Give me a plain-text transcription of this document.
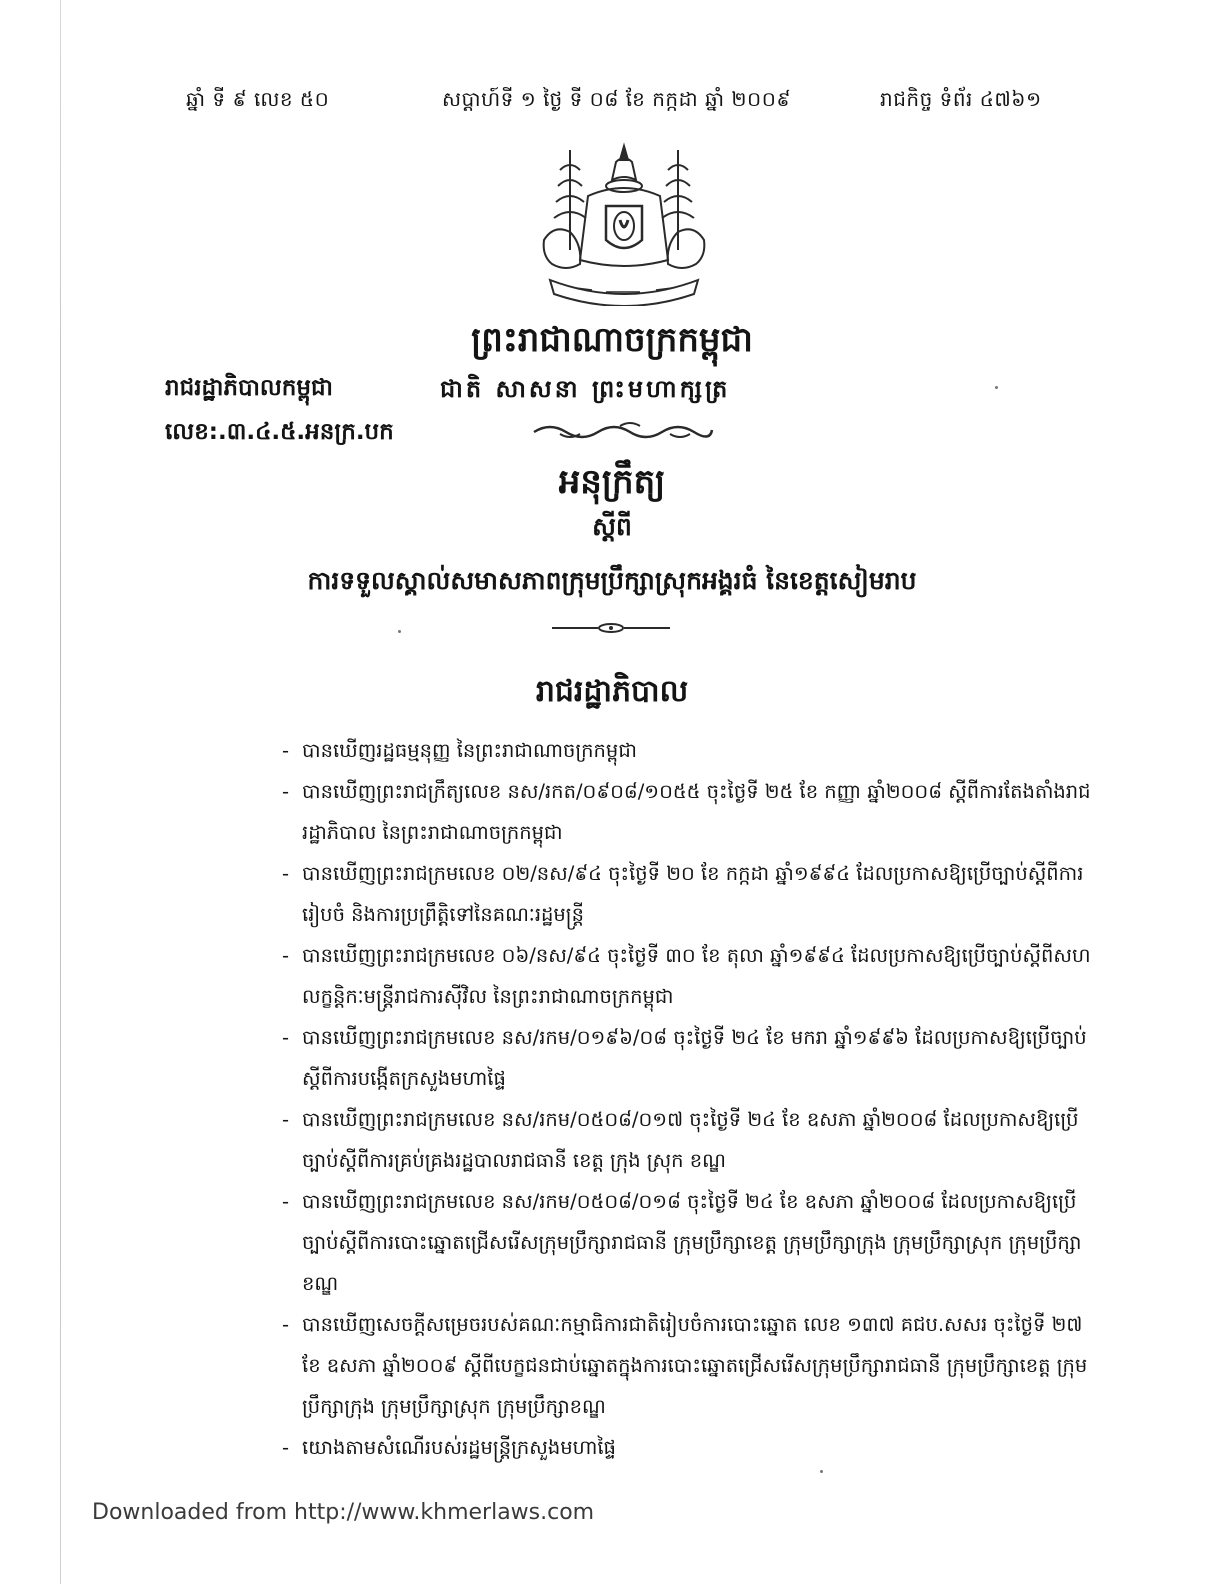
ឆ្នាំ ទី ៩ លេខ ៥០	សប្តាហ៍ទី ១ ថ្ងៃ ទី ០៨ ខែ កក្កដា ឆ្នាំ ២០០៩	រាជកិច្ច ទំព័រ ៤៧៦១
ព្រះរាជាណាចក្រកម្ពុជា
រាជរដ្ឋាភិបាលកម្ពុជា	ជាតិ សាសនា ព្រះមហាក្សត្រ
លេខ:.៣.៤.៥.អនក្រ.បក
អនុក្រឹត្យ
ស្តីពី
ការទទួលស្គាល់សមាសភាពក្រុមប្រឹក្សាស្រុកអង្គរធំ នៃខេត្តសៀមរាប
រាជរដ្ឋាភិបាល
- បានឃើញរដ្ឋធម្មនុញ្ញ នៃព្រះរាជាណាចក្រកម្ពុជា
- បានឃើញព្រះរាជក្រឹត្យលេខ នស/រកត/០៩០៨/១០៥៥ ចុះថ្ងៃទី ២៥ ខែ កញ្ញា ឆ្នាំ២០០៨ ស្តីពីការតែងតាំងរាជរដ្ឋាភិបាល នៃព្រះរាជាណាចក្រកម្ពុជា
- បានឃើញព្រះរាជក្រមលេខ ០២/នស/៩៤ ចុះថ្ងៃទី ២០ ខែ កក្កដា ឆ្នាំ១៩៩៤ ដែលប្រកាសឱ្យប្រើច្បាប់ស្តីពីការរៀបចំ និងការប្រព្រឹត្តិទៅនៃគណៈរដ្ឋមន្ត្រី
- បានឃើញព្រះរាជក្រមលេខ ០៦/នស/៩៤ ចុះថ្ងៃទី ៣០ ខែ តុលា ឆ្នាំ១៩៩៤ ដែលប្រកាសឱ្យប្រើច្បាប់ស្តីពីសហលក្ខន្តិកៈមន្ត្រីរាជការស៊ីវិល នៃព្រះរាជាណាចក្រកម្ពុជា
- បានឃើញព្រះរាជក្រមលេខ នស/រកម/០១៩៦/០៨ ចុះថ្ងៃទី ២៤ ខែ មករា ឆ្នាំ១៩៩៦ ដែលប្រកាសឱ្យប្រើច្បាប់ស្តីពីការបង្កើតក្រសួងមហាផ្ទៃ
- បានឃើញព្រះរាជក្រមលេខ នស/រកម/០៥០៨/០១៧ ចុះថ្ងៃទី ២៤ ខែ ឧសភា ឆ្នាំ២០០៨ ដែលប្រកាសឱ្យប្រើច្បាប់ស្តីពីការគ្រប់គ្រងរដ្ឋបាលរាជធានី ខេត្ត ក្រុង ស្រុក ខណ្ឌ
- បានឃើញព្រះរាជក្រមលេខ នស/រកម/០៥០៨/០១៨ ចុះថ្ងៃទី ២៤ ខែ ឧសភា ឆ្នាំ២០០៨ ដែលប្រកាសឱ្យប្រើច្បាប់ស្តីពីការបោះឆ្នោតជ្រើសរើសក្រុមប្រឹក្សារាជធានី ក្រុមប្រឹក្សាខេត្ត ក្រុមប្រឹក្សាក្រុង ក្រុមប្រឹក្សាស្រុក ក្រុមប្រឹក្សាខណ្ឌ
- បានឃើញសេចក្តីសម្រេចរបស់គណៈកម្មាធិការជាតិរៀបចំការបោះឆ្នោត លេខ ១៣៧ គជប.សសរ ចុះថ្ងៃទី ២៧ ខែ ឧសភា ឆ្នាំ២០០៩ ស្តីពីបេក្ខជនជាប់ឆ្នោតក្នុងការបោះឆ្នោតជ្រើសរើសក្រុមប្រឹក្សារាជធានី ក្រុមប្រឹក្សាខេត្ត ក្រុមប្រឹក្សាក្រុង ក្រុមប្រឹក្សាស្រុក ក្រុមប្រឹក្សាខណ្ឌ
- យោងតាមសំណើរបស់រដ្ឋមន្ត្រីក្រសួងមហាផ្ទៃ
Downloaded from http://www.khmerlaws.com
